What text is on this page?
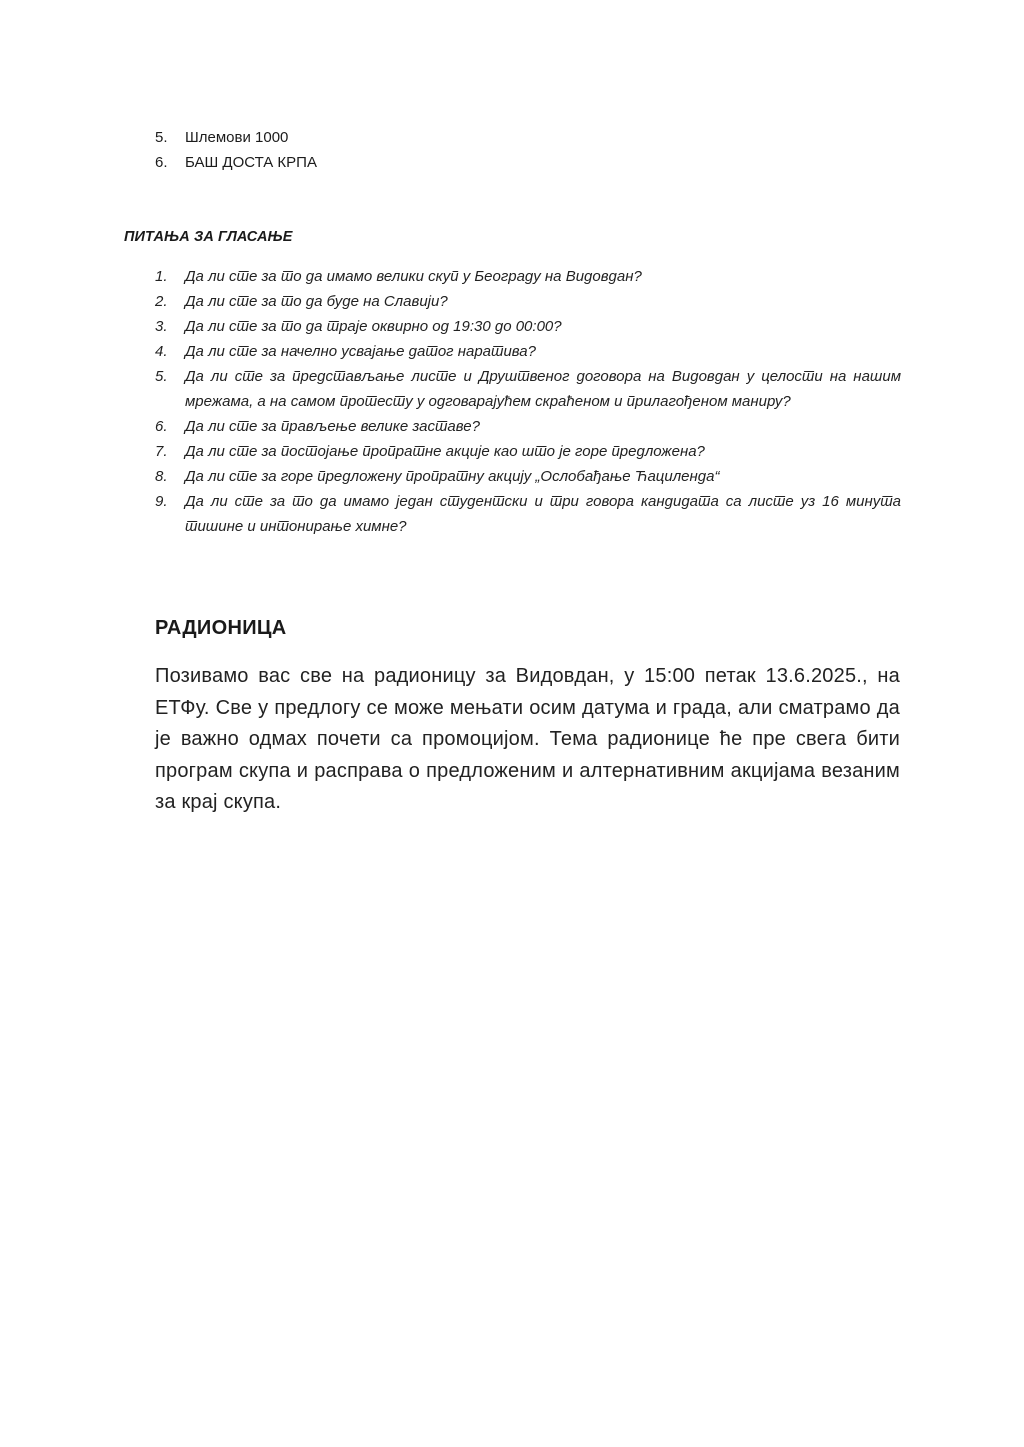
5.	Шлемови 1000
6.	БАШ ДОСТА КРПА
ПИТАЊА ЗА ГЛАСАЊЕ
1.	Да ли сте за то да имамо велики скуп у Београду на Видовдан?
2.	Да ли сте за то да буде на Славији?
3.	Да ли сте за то да траје оквирно од 19:30 до 00:00?
4.	Да ли сте за начелно усвајање датог наратива?
5.	Да ли сте за представљање листе и Друштвеног договора на Видовдан у целости на нашим мрежама, а на самом протесту у одговарајућем скраћеном и прилагођеном маниру?
6.	Да ли сте за прављење велике заставе?
7.	Да ли сте за постојање пропратне акције као што је горе предложена?
8.	Да ли сте за горе предложену пропратну акцију „Ослобађање Ћациленда“
9.	Да ли сте за то да имамо један студентски и три говора кандидата са листе уз 16 минута тишине и интонирање химне?
РАДИОНИЦА

Позивамо вас све на радионицу за Видовдан, у 15:00 петак 13.6.2025., на ЕТФу. Све у предлогу се може мењати осим датума и града, али сматрамо да је важно одмах почети са промоцијом. Тема радионице ће пре свега бити програм скупа и расправа о предложеним и алтернативним акцијама везаним за крај скупа.
